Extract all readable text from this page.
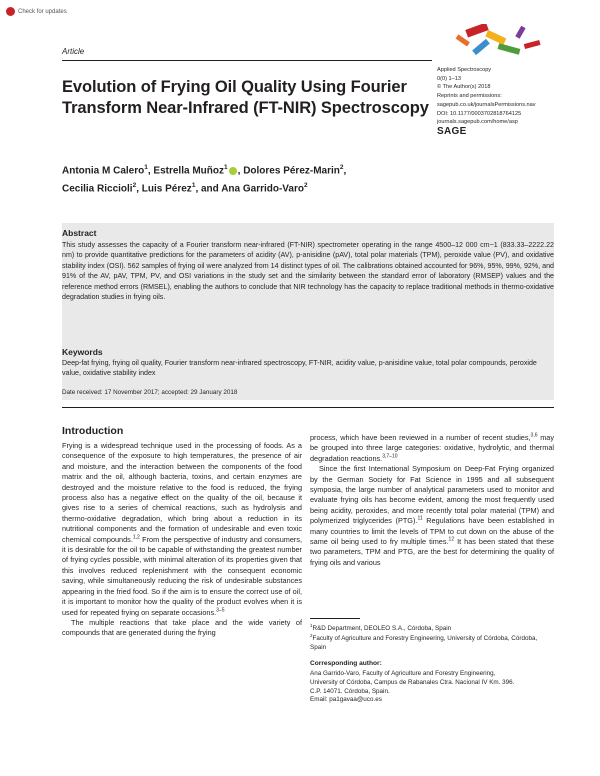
Check for updates
Article
Evolution of Frying Oil Quality Using Fourier Transform Near-Infrared (FT-NIR) Spectroscopy
Antonia M Calero$^1$, Estrella Muñoz$^1$ , Dolores Pérez-Marin$^2$,
Cecilia Riccioli$^2$, Luis Pérez$^1$, and Ana Garrido-Varo$^2$
Applied Spectroscopy
0(0) 1–13
© The Author(s) 2018
Reprints and permissions:
sagepub.co.uk/journalsPermissions.nav
DOI: 10.1177/0003702818764125
journals.sagepub.com/home/asp
SAGE
Abstract
This study assesses the capacity of a Fourier transform near-infrared (FT-NIR) spectrometer operating in the range 4500–12 000 cm−1 (833.33–2222.22 nm) to provide quantitative predictions for the parameters of acidity (AV), p-anisidine (pAV), total polar materials (TPM), peroxide value (PV), and oxidative stability index (OSI). 562 samples of frying oil were analyzed from 14 distinct types of oil. The calibrations obtained accounted for 96%, 95%, 99%, 92%, and 91% of the AV, pAV, TPM, PV, and OSI variations in the study set and the similarity between the standard error of laboratory (RMSEP) values and the reference method errors (RMSEL), enabling the authors to conclude that NIR technology has the capacity to replace traditional methods in thermo-oxidative degradation studies in frying oils.
Keywords
Deep-fat frying, frying oil quality, Fourier transform near-infrared spectroscopy, FT-NIR, acidity value, p-anisidine value, total polar compounds, peroxide value, oxidative stability index
Date received: 17 November 2017; accepted: 29 January 2018
Introduction

Frying is a widespread technique used in the processing of foods. As a consequence of the exposure to high temperatures, the presence of air and moisture, and the interaction between the components of the food matrix and the oil, although bacteria, toxins, and certain enzymes are destroyed and the moisture relative to the food is reduced, the frying process also has a negative effect on the quality of the oil, because it gives rise to a series of chemical reactions, such as hydrolysis and thermo-oxidative degradation, which bring about a reduction in its nutritional components and the formation of undesirable and even toxic chemical compounds.$^{1,2}$ From the perspective of industry and consumers, it is desirable for the oil to be capable of withstanding the greatest number of frying cycles possible, with minimal alteration of its properties given that this involves reduced replenishment with the consequent economic saving, while simultaneously reducing the risk of undesirable substances appearing in the fried food. So if the aim is to ensure the correct use of oil, it is important to monitor how the quality of the product evolves when it is used for repeated frying on separate occasions.$^{3-5}$

The multiple reactions that take place and the wide variety of compounds that are generated during the frying

process, which have been reviewed in a number of recent studies,$^{3,6}$ may be grouped into three large categories: oxidative, hydrolytic, and thermal degradation reactions.$^{3,7-10}$

Since the first International Symposium on Deep-Fat Frying organized by the German Society for Fat Science in 1995 and all subsequent symposia, the large number of analytical parameters used to monitor and evaluate frying oils has become evident, among the most frequently used being acidity, peroxides, and more recently total polar material (TPM) and polymerized triglycerides (PTG).$^{11}$ Regulations have been established in many countries to limit the levels of TPM to cut down on the abuse of the same oil being used to fry multiple times.$^{12}$ It has been stated that these two parameters, TPM and PTG, are the best for determining the quality of frying oils and various

$^1$R&D Department, DEOLEO S.A., Córdoba, Spain
$^2$Faculty of Agriculture and Forestry Engineering, University of Córdoba, Córdoba, Spain
Corresponding author:
Ana Garrido-Varo, Faculty of Agriculture and Forestry Engineering,
University of Córdoba, Campus de Rabanales Ctra. Nacional IV Km. 396.
C.P. 14071. Córdoba, Spain.
Email: pa1gavaa@uco.es
